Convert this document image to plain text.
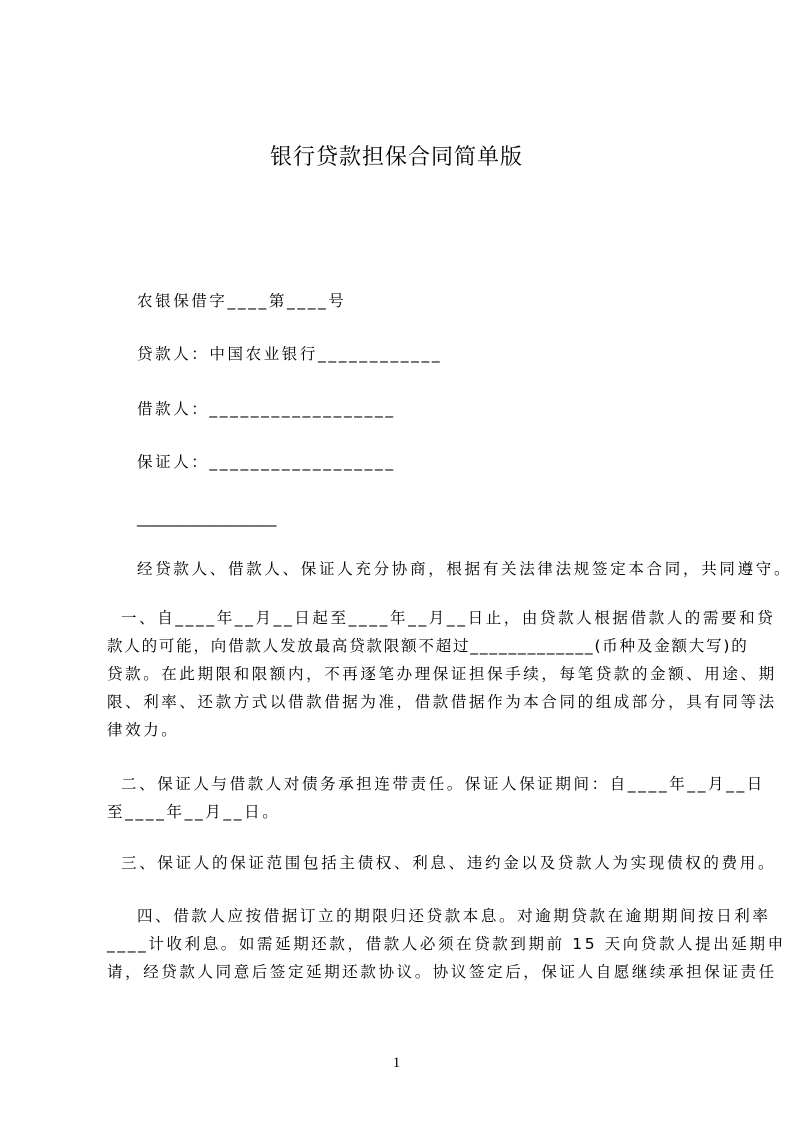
银行贷款担保合同简单版
农银保借字____第____号
贷款人：中国农业银行____________
借款人：__________________
保证人：__________________
__________________
经贷款人、借款人、保证人充分协商，根据有关法律法规签定本合同，共同遵守。
一、自____年__月__日起至____年__月__日止，由贷款人根据借款人的需要和贷
款人的可能，向借款人发放最高贷款限额不超过_____________(币种及金额大写)的
贷款。在此期限和限额内，不再逐笔办理保证担保手续，每笔贷款的金额、用途、期
限、利率、还款方式以借款借据为准，借款借据作为本合同的组成部分，具有同等法
律效力。
二、保证人与借款人对债务承担连带责任。保证人保证期间：自____年__月__日
至____年__月__日。
三、保证人的保证范围包括主债权、利息、违约金以及贷款人为实现债权的费用。
四、借款人应按借据订立的期限归还贷款本息。对逾期贷款在逾期期间按日利率
____计收利息。如需延期还款，借款人必须在贷款到期前 15 天向贷款人提出延期申
请，经贷款人同意后签定延期还款协议。协议签定后，保证人自愿继续承担保证责任
1
